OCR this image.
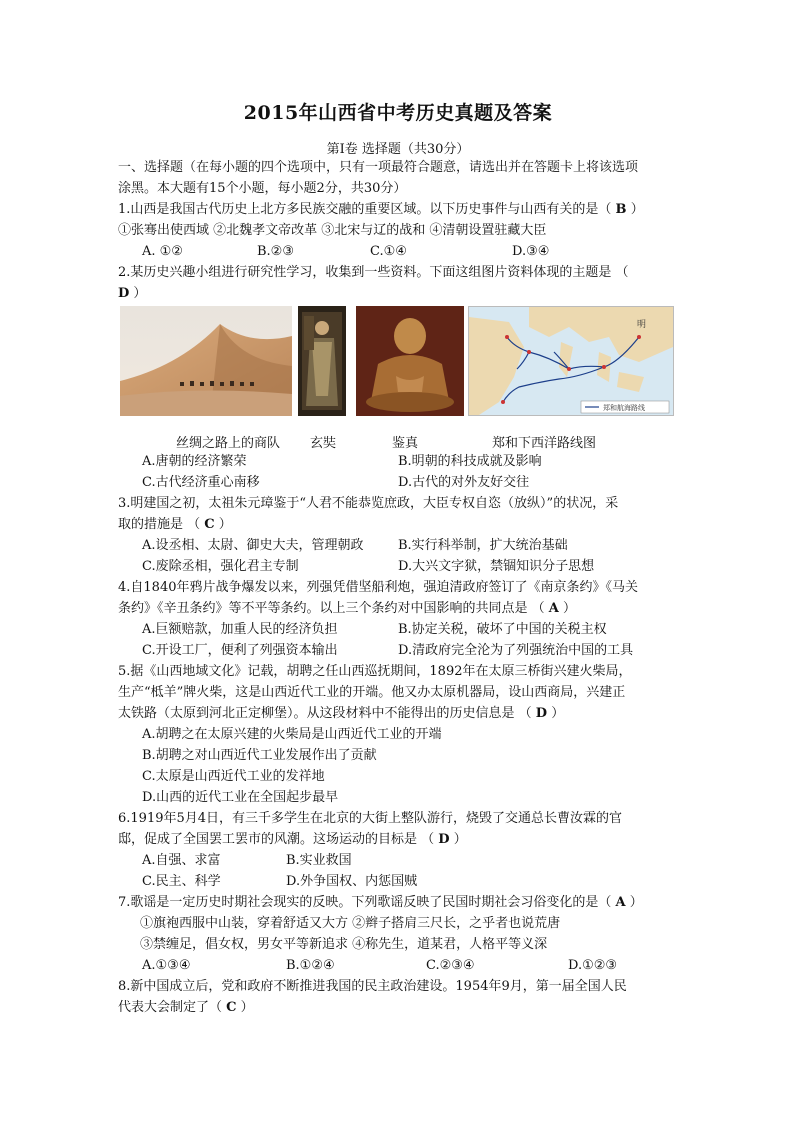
2015年山西省中考历史真题及答案
第Ⅰ卷 选择题（共30分）
一、选择题（在每小题的四个选项中，只有一项最符合题意，请选出并在答题卡上将该选项
涂黑。本大题有15个小题，每小题2分，共30分）
1.山西是我国古代历史上北方多民族交融的重要区域。以下历史事件与山西有关的是（ B ）
①张骞出使西域 ②北魏孝文帝改革 ③北宋与辽的战和 ④清朝设置驻藏大臣
A. ①②	B.②③	C.①④	D.③④
2.某历史兴趣小组进行研究性学习，收集到一些资料。下面这组图片资料体现的主题是 （
D ）
明
郑和航海路线
丝绸之路上的商队 玄奘	鉴真	郑和下西洋路线图
A.唐朝的经济繁荣	B.明朝的科技成就及影响
C.古代经济重心南移	D.古代的对外友好交往
3.明建国之初，太祖朱元璋鉴于“人君不能恭览庶政，大臣专权自恣（放纵）”的状况，采
取的措施是 （ C ）
A.设丞相、太尉、御史大夫，管理朝政	B.实行科举制，扩大统治基础
C.废除丞相，强化君主专制	D.大兴文字狱，禁锢知识分子思想
4.自1840年鸦片战争爆发以来，列强凭借坚船利炮，强迫清政府签订了《南京条约》《马关
条约》《辛丑条约》等不平等条约。以上三个条约对中国影响的共同点是 （ A ）
A.巨额赔款，加重人民的经济负担	B.协定关税，破坏了中国的关税主权
C.开设工厂，便利了列强资本输出	D.清政府完全沦为了列强统治中国的工具
5.据《山西地域文化》记载，胡聘之任山西巡抚期间，1892年在太原三桥街兴建火柴局，
生产“柢羊”牌火柴，这是山西近代工业的开端。他又办太原机器局，设山西商局，兴建正
太铁路（太原到河北正定柳堡）。从这段材料中不能得出的历史信息是 （ D ）
A.胡聘之在太原兴建的火柴局是山西近代工业的开端
B.胡聘之对山西近代工业发展作出了贡献
C.太原是山西近代工业的发祥地
D.山西的近代工业在全国起步最早
6.1919年5月4日，有三千多学生在北京的大街上整队游行，烧毁了交通总长曹汝霖的官
邸，促成了全国罢工罢市的风潮。这场运动的目标是 （ D ）
A.自强、求富	B.实业救国
C.民主、科学	D.外争国权、内惩国贼
7.歌谣是一定历史时期社会现实的反映。下列歌谣反映了民国时期社会习俗变化的是（ A ）
①旗袍西服中山装，穿着舒适又大方 ②辫子搭肩三尺长，之乎者也说荒唐
③禁缠足，倡女权，男女平等新追求 ④称先生，道某君，人格平等义深
A.①③④	B.①②④	C.②③④	D.①②③
8.新中国成立后，党和政府不断推进我国的民主政治建设。1954年9月，第一届全国人民
代表大会制定了（ C ）
